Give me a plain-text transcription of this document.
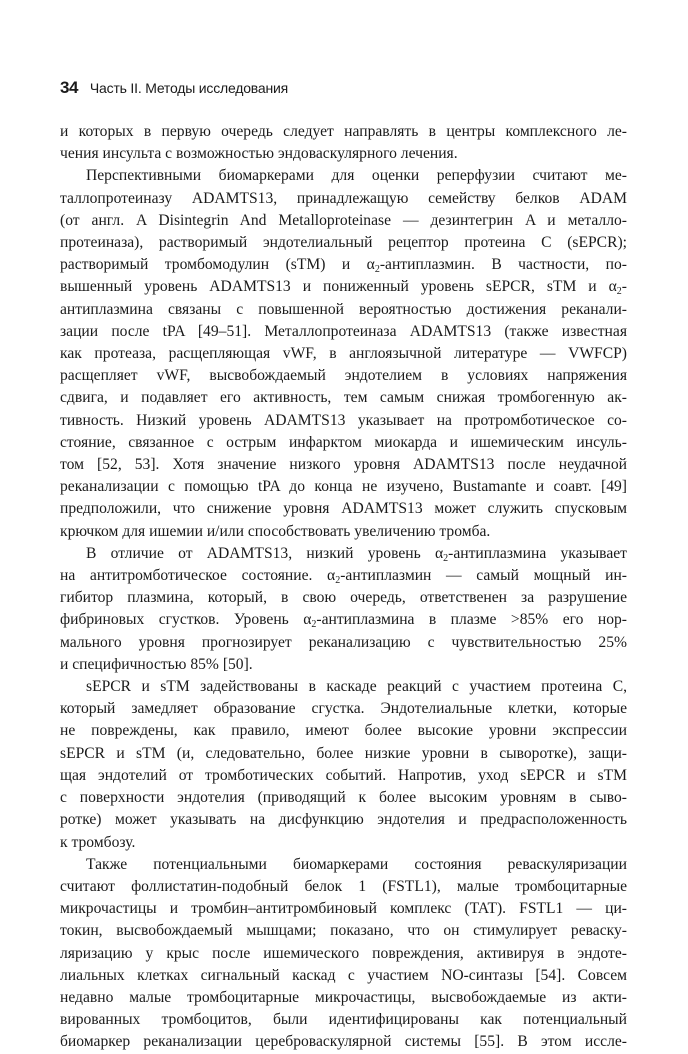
34 Часть II. Методы исследования
и которых в первую очередь следует направлять в центры комплексного ле-
чения инсульта с возможностью эндоваскулярного лечения.
Перспективными биомаркерами для оценки реперфузии считают ме-
таллопротеиназу ADAMTS13, принадлежащую семейству белков ADAM
(от англ. A Disintegrin And Metalloproteinase — дезинтегрин A и металло-
протеиназа), растворимый эндотелиальный рецептор протеина C (sEPCR);
растворимый тромбомодулин (sTM) и $\alpha_2$-антиплазмин. В частности, по-
вышенный уровень ADAMTS13 и пониженный уровень sEPCR, sTM и $\alpha_2-$
антиплазмина связаны с повышенной вероятностью достижения реканали-
зации после tPA [49–51]. Металлопротеиназа ADAMTS13 (также известная
как протеаза, расщепляющая vWF, в англоязычной литературе — VWFCP)
расщепляет vWF, высвобождаемый эндотелием в условиях напряжения
сдвига, и подавляет его активность, тем самым снижая тромбогенную ак-
тивность. Низкий уровень ADAMTS13 указывает на протромботическое со-
стояние, связанное с острым инфарктом миокарда и ишемическим инсуль-
том [52, 53]. Хотя значение низкого уровня ADAMTS13 после неудачной
реканализации с помощью tPA до конца не изучено, Bustamante и соавт. [49]
предположили, что снижение уровня ADAMTS13 может служить спусковым
крючком для ишемии и/или способствовать увеличению тромба.
В отличие от ADAMTS13, низкий уровень $\alpha_2$-антиплазмина указывает
на антитромботическое состояние. $\alpha_2$-антиплазмин — самый мощный ин-
гибитор плазмина, который, в свою очередь, ответственен за разрушение
фибриновых сгустков. Уровень $\alpha_2$-антиплазмина в плазме >85% его нор-
мального уровня прогнозирует реканализацию с чувствительностью 25%
и специфичностью 85% [50].
sEPCR и sTM задействованы в каскаде реакций с участием протеина C,
который замедляет образование сгустка. Эндотелиальные клетки, которые
не повреждены, как правило, имеют более высокие уровни экспрессии
sEPCR и sTM (и, следовательно, более низкие уровни в сыворотке), защи-
щая эндотелий от тромботических событий. Напротив, уход sEPCR и sTM
с поверхности эндотелия (приводящий к более высоким уровням в сыво-
ротке) может указывать на дисфункцию эндотелия и предрасположенность
к тромбозу.
Также потенциальными биомаркерами состояния реваскуляризации
считают фоллистатин-подобный белок 1 (FSTL1), малые тромбоцитарные
микрочастицы и тромбин–антитромбиновый комплекс (TAT). FSTL1 — ци-
токин, высвобождаемый мышцами; показано, что он стимулирует реваску-
ляризацию у крыс после ишемического повреждения, активируя в эндоте-
лиальных клетках сигнальный каскад с участием NO-синтазы [54]. Совсем
недавно малые тромбоцитарные микрочастицы, высвобождаемые из акти-
вированных тромбоцитов, были идентифицированы как потенциальный
биомаркер реканализации цереброваскулярной системы [55]. В этом иссле-
